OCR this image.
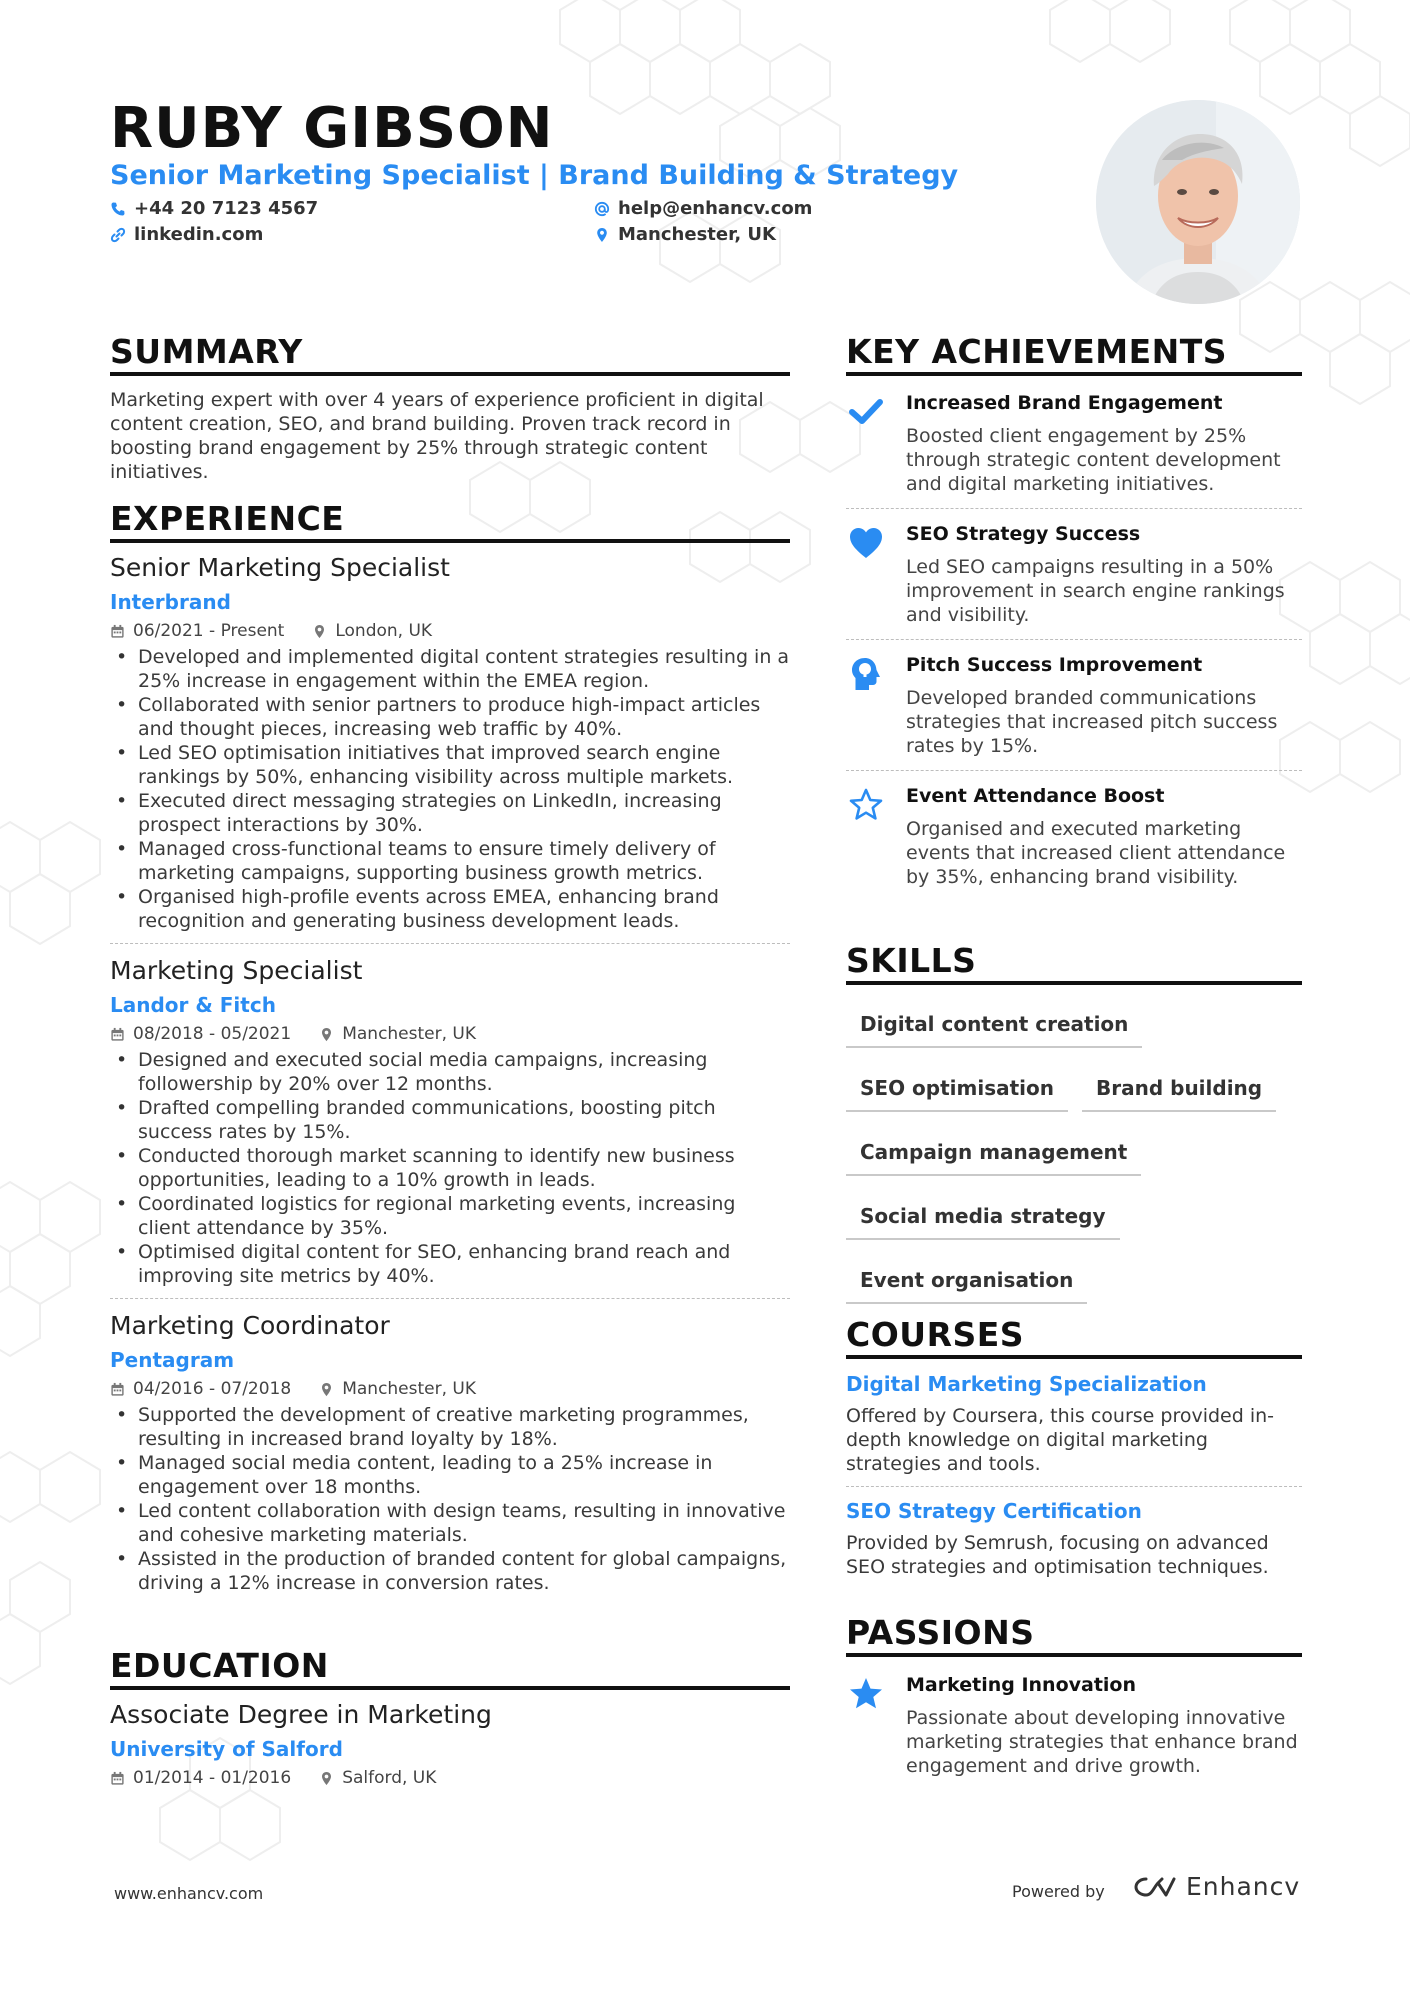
RUBY GIBSON
Senior Marketing Specialist | Brand Building & Strategy
+44 20 7123 4567
linkedin.com
help@enhancv.com
Manchester, UK
SUMMARY
Marketing expert with over 4 years of experience proficient in digital content creation, SEO, and brand building. Proven track record in boosting brand engagement by 25% through strategic content initiatives.
EXPERIENCE
Senior Marketing Specialist
Interbrand
06/2021 - Present	London, UK
• Developed and implemented digital content strategies resulting in a 25% increase in engagement within the EMEA region.
• Collaborated with senior partners to produce high-impact articles and thought pieces, increasing web traffic by 40%.
• Led SEO optimisation initiatives that improved search engine rankings by 50%, enhancing visibility across multiple markets.
• Executed direct messaging strategies on LinkedIn, increasing prospect interactions by 30%.
• Managed cross-functional teams to ensure timely delivery of marketing campaigns, supporting business growth metrics.
• Organised high-profile events across EMEA, enhancing brand recognition and generating business development leads.
Marketing Specialist
Landor & Fitch
08/2018 - 05/2021	Manchester, UK
• Designed and executed social media campaigns, increasing followership by 20% over 12 months.
• Drafted compelling branded communications, boosting pitch success rates by 15%.
• Conducted thorough market scanning to identify new business opportunities, leading to a 10% growth in leads.
• Coordinated logistics for regional marketing events, increasing client attendance by 35%.
• Optimised digital content for SEO, enhancing brand reach and improving site metrics by 40%.
Marketing Coordinator
Pentagram
04/2016 - 07/2018	Manchester, UK
• Supported the development of creative marketing programmes, resulting in increased brand loyalty by 18%.
• Managed social media content, leading to a 25% increase in engagement over 18 months.
• Led content collaboration with design teams, resulting in innovative and cohesive marketing materials.
• Assisted in the production of branded content for global campaigns, driving a 12% increase in conversion rates.
EDUCATION
Associate Degree in Marketing
University of Salford
01/2014 - 01/2016	Salford, UK
KEY ACHIEVEMENTS
Increased Brand Engagement
Boosted client engagement by 25% through strategic content development and digital marketing initiatives.
SEO Strategy Success
Led SEO campaigns resulting in a 50% improvement in search engine rankings and visibility.
Pitch Success Improvement
Developed branded communications strategies that increased pitch success rates by 15%.
Event Attendance Boost
Organised and executed marketing events that increased client attendance by 35%, enhancing brand visibility.
SKILLS
Digital content creation
SEO optimisation	Brand building
Campaign management
Social media strategy
Event organisation
COURSES
Digital Marketing Specialization
Offered by Coursera, this course provided in-depth knowledge on digital marketing strategies and tools.
SEO Strategy Certification
Provided by Semrush, focusing on advanced SEO strategies and optimisation techniques.
PASSIONS
Marketing Innovation
Passionate about developing innovative marketing strategies that enhance brand engagement and drive growth.
www.enhancv.com	Powered by	Enhancv
